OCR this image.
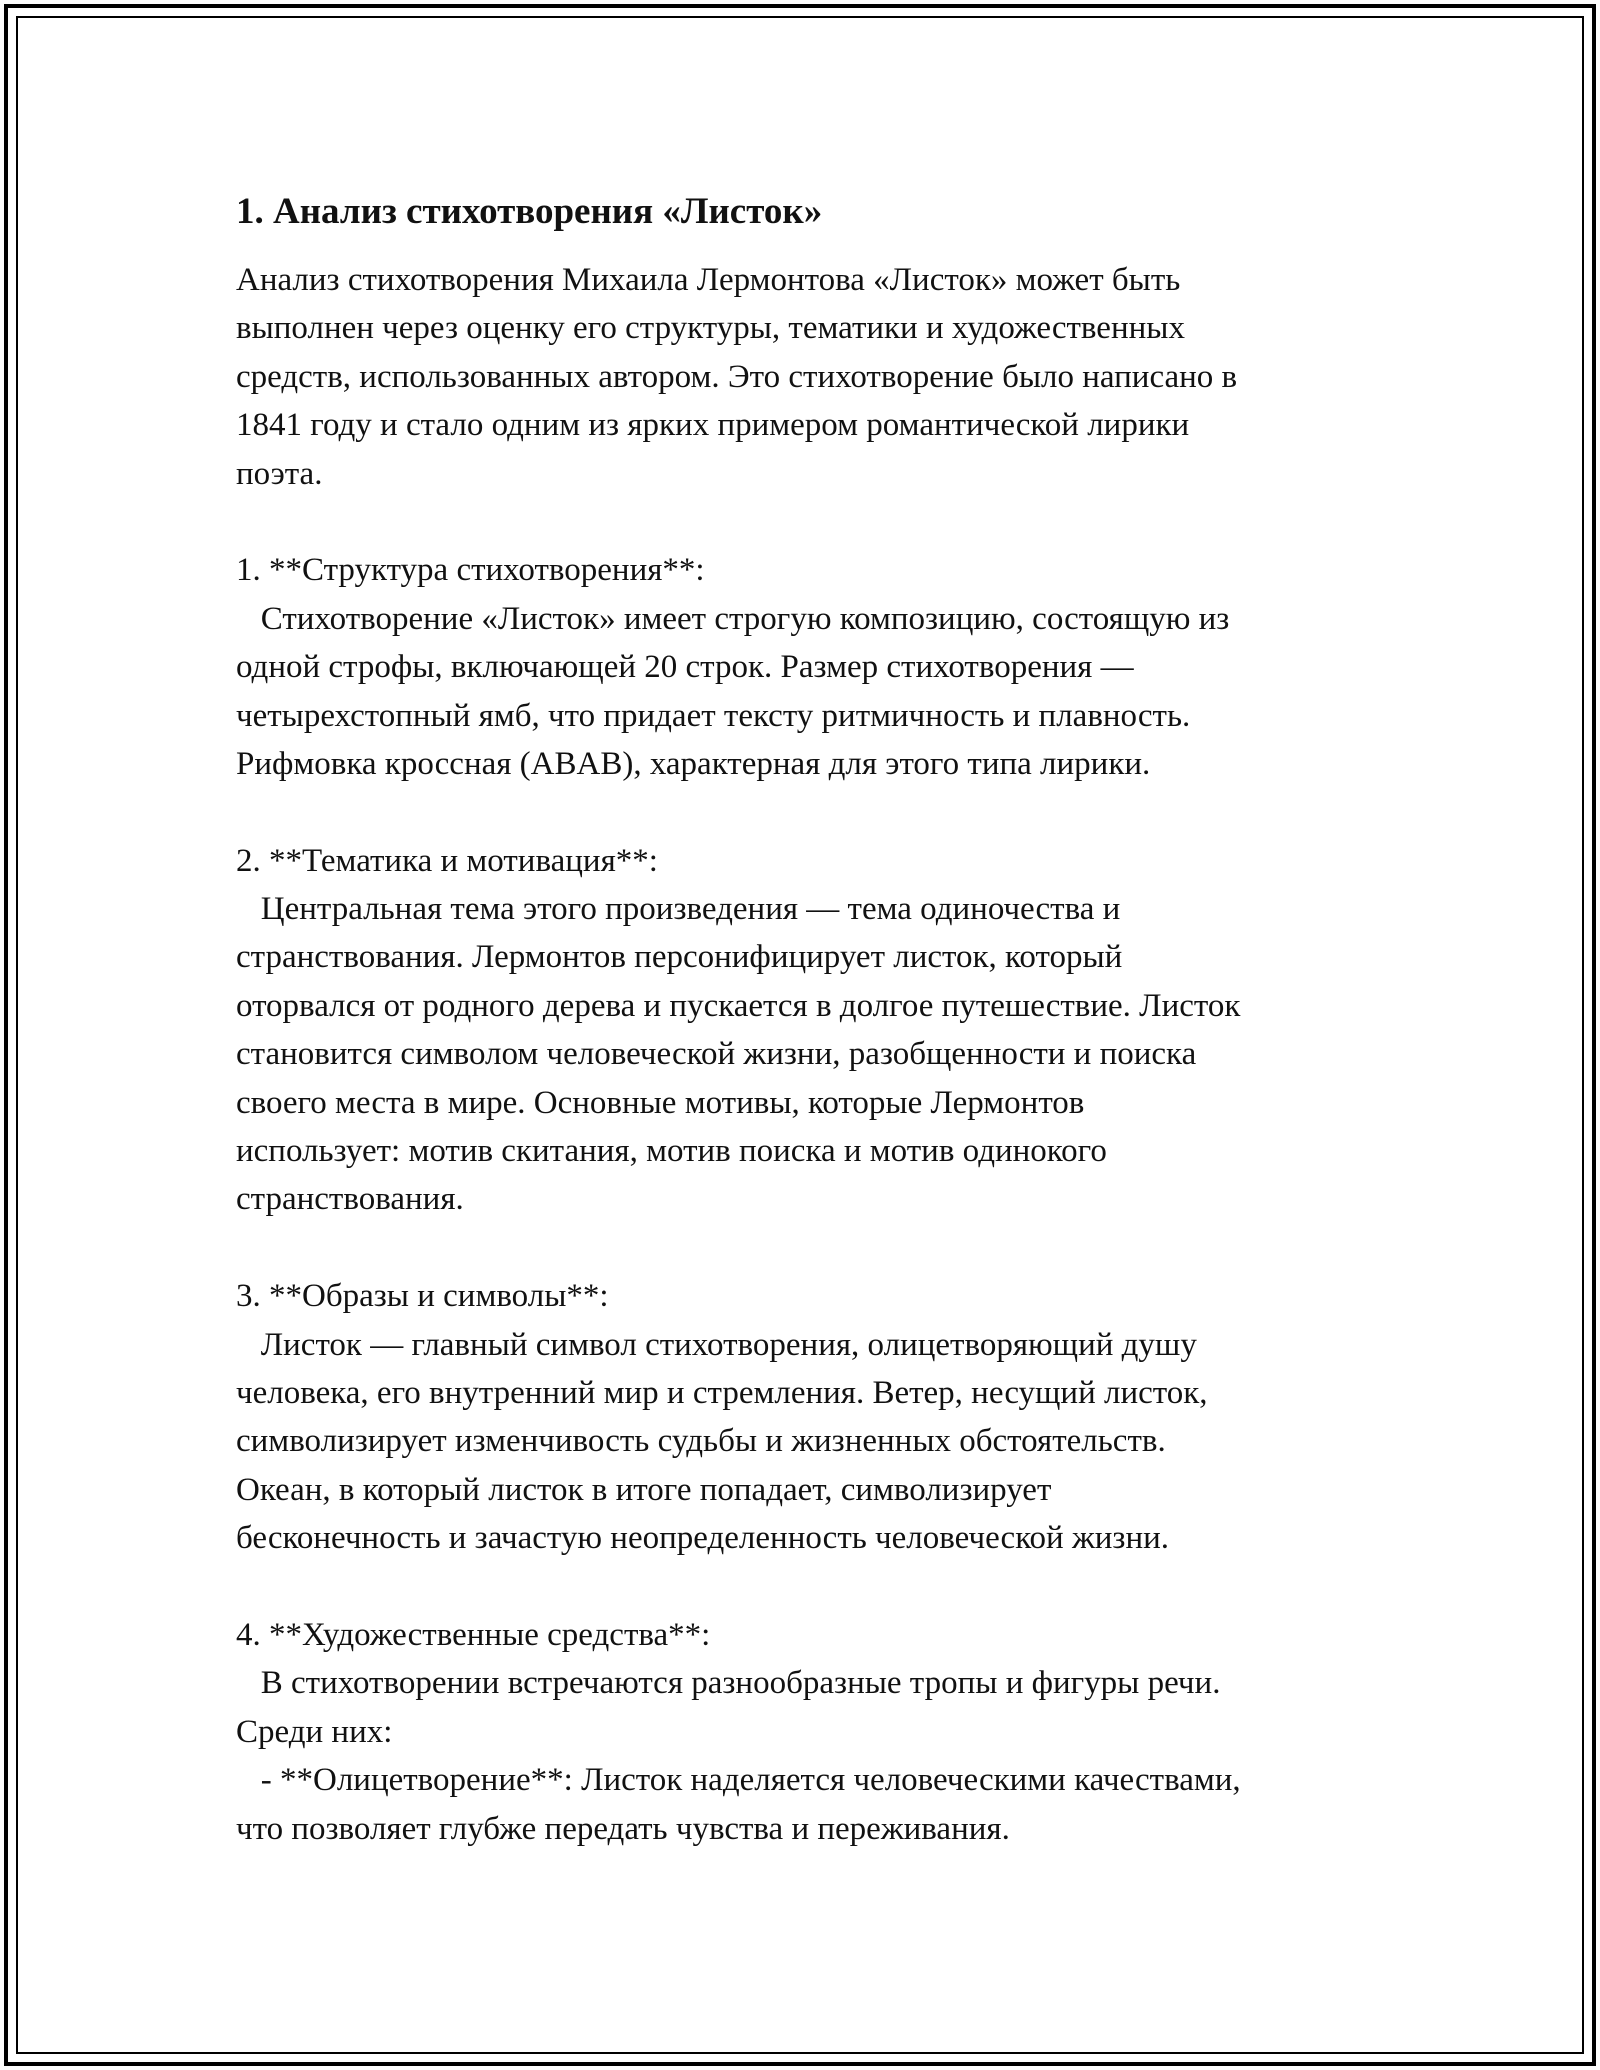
1. Анализ стихотворения «Листок»
Анализ стихотворения Михаила Лермонтова «Листок» может быть
выполнен через оценку его структуры, тематики и художественных
средств, использованных автором. Это стихотворение было написано в
1841 году и стало одним из ярких примером романтической лирики
поэта.
1. **Структура стихотворения**:
Стихотворение «Листок» имеет строгую композицию, состоящую из
одной строфы, включающей 20 строк. Размер стихотворения —
четырехстопный ямб, что придает тексту ритмичность и плавность.
Рифмовка кроссная (ABAB), характерная для этого типа лирики.
2. **Тематика и мотивация**:
Центральная тема этого произведения — тема одиночества и
странствования. Лермонтов персонифицирует листок, который
оторвался от родного дерева и пускается в долгое путешествие. Листок
становится символом человеческой жизни, разобщенности и поиска
своего места в мире. Основные мотивы, которые Лермонтов
использует: мотив скитания, мотив поиска и мотив одинокого
странствования.
3. **Образы и символы**:
Листок — главный символ стихотворения, олицетворяющий душу
человека, его внутренний мир и стремления. Ветер, несущий листок,
символизирует изменчивость судьбы и жизненных обстоятельств.
Океан, в который листок в итоге попадает, символизирует
бесконечность и зачастую неопределенность человеческой жизни.
4. **Художественные средства**:
В стихотворении встречаются разнообразные тропы и фигуры речи.
Среди них:
- **Олицетворение**: Листок наделяется человеческими качествами,
что позволяет глубже передать чувства и переживания.
